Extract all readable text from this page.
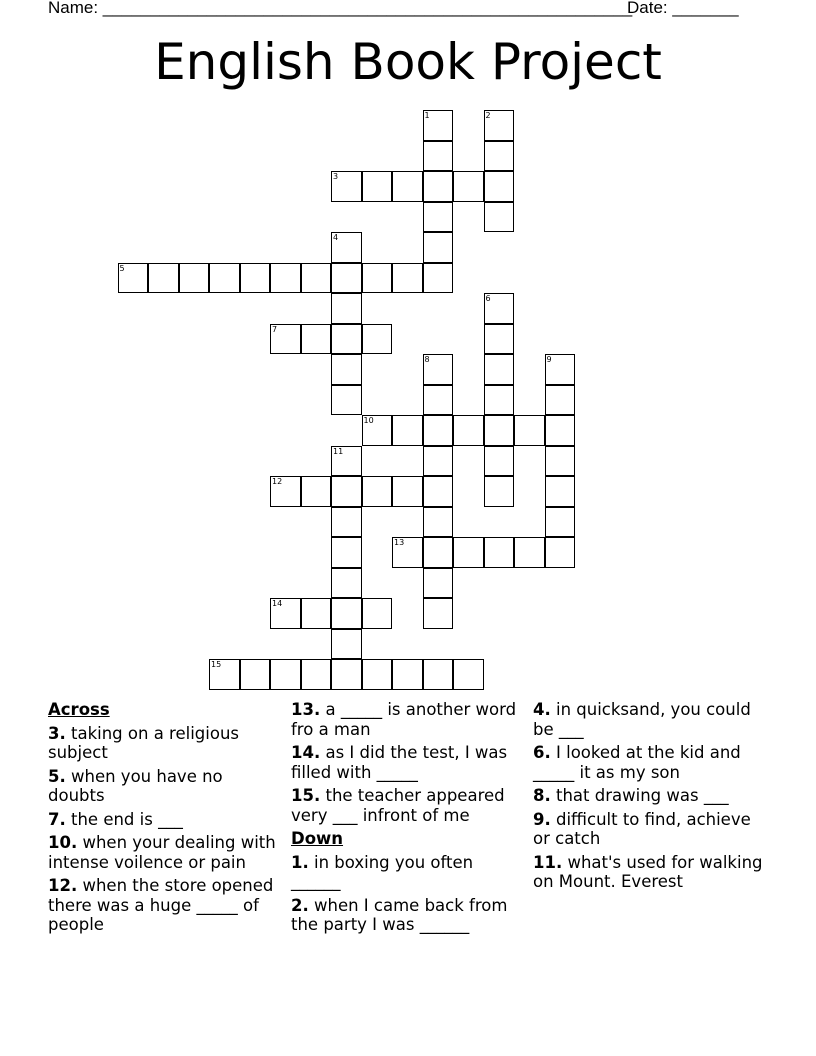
Name: ________________________________________________________
Date: _______
English Book Project
1	2
3
4
5
6
7
8	9
10
11
12
13
14
15
Across
3. taking on a religious subject
5. when you have no doubts
7. the end is ___
10. when your dealing with intense voilence or pain
12. when the store opened there was a huge _____ of people
13. a _____ is another word fro a man
14. as I did the test, I was filled with _____
15. the teacher appeared very ___ infront of me
Down
1. in boxing you often ______
2. when I came back from the party I was ______
4. in quicksand, you could be ___
6. I looked at the kid and _____ it as my son
8. that drawing was ___
9. difficult to find, achieve or catch
11. what's used for walking on Mount. Everest
